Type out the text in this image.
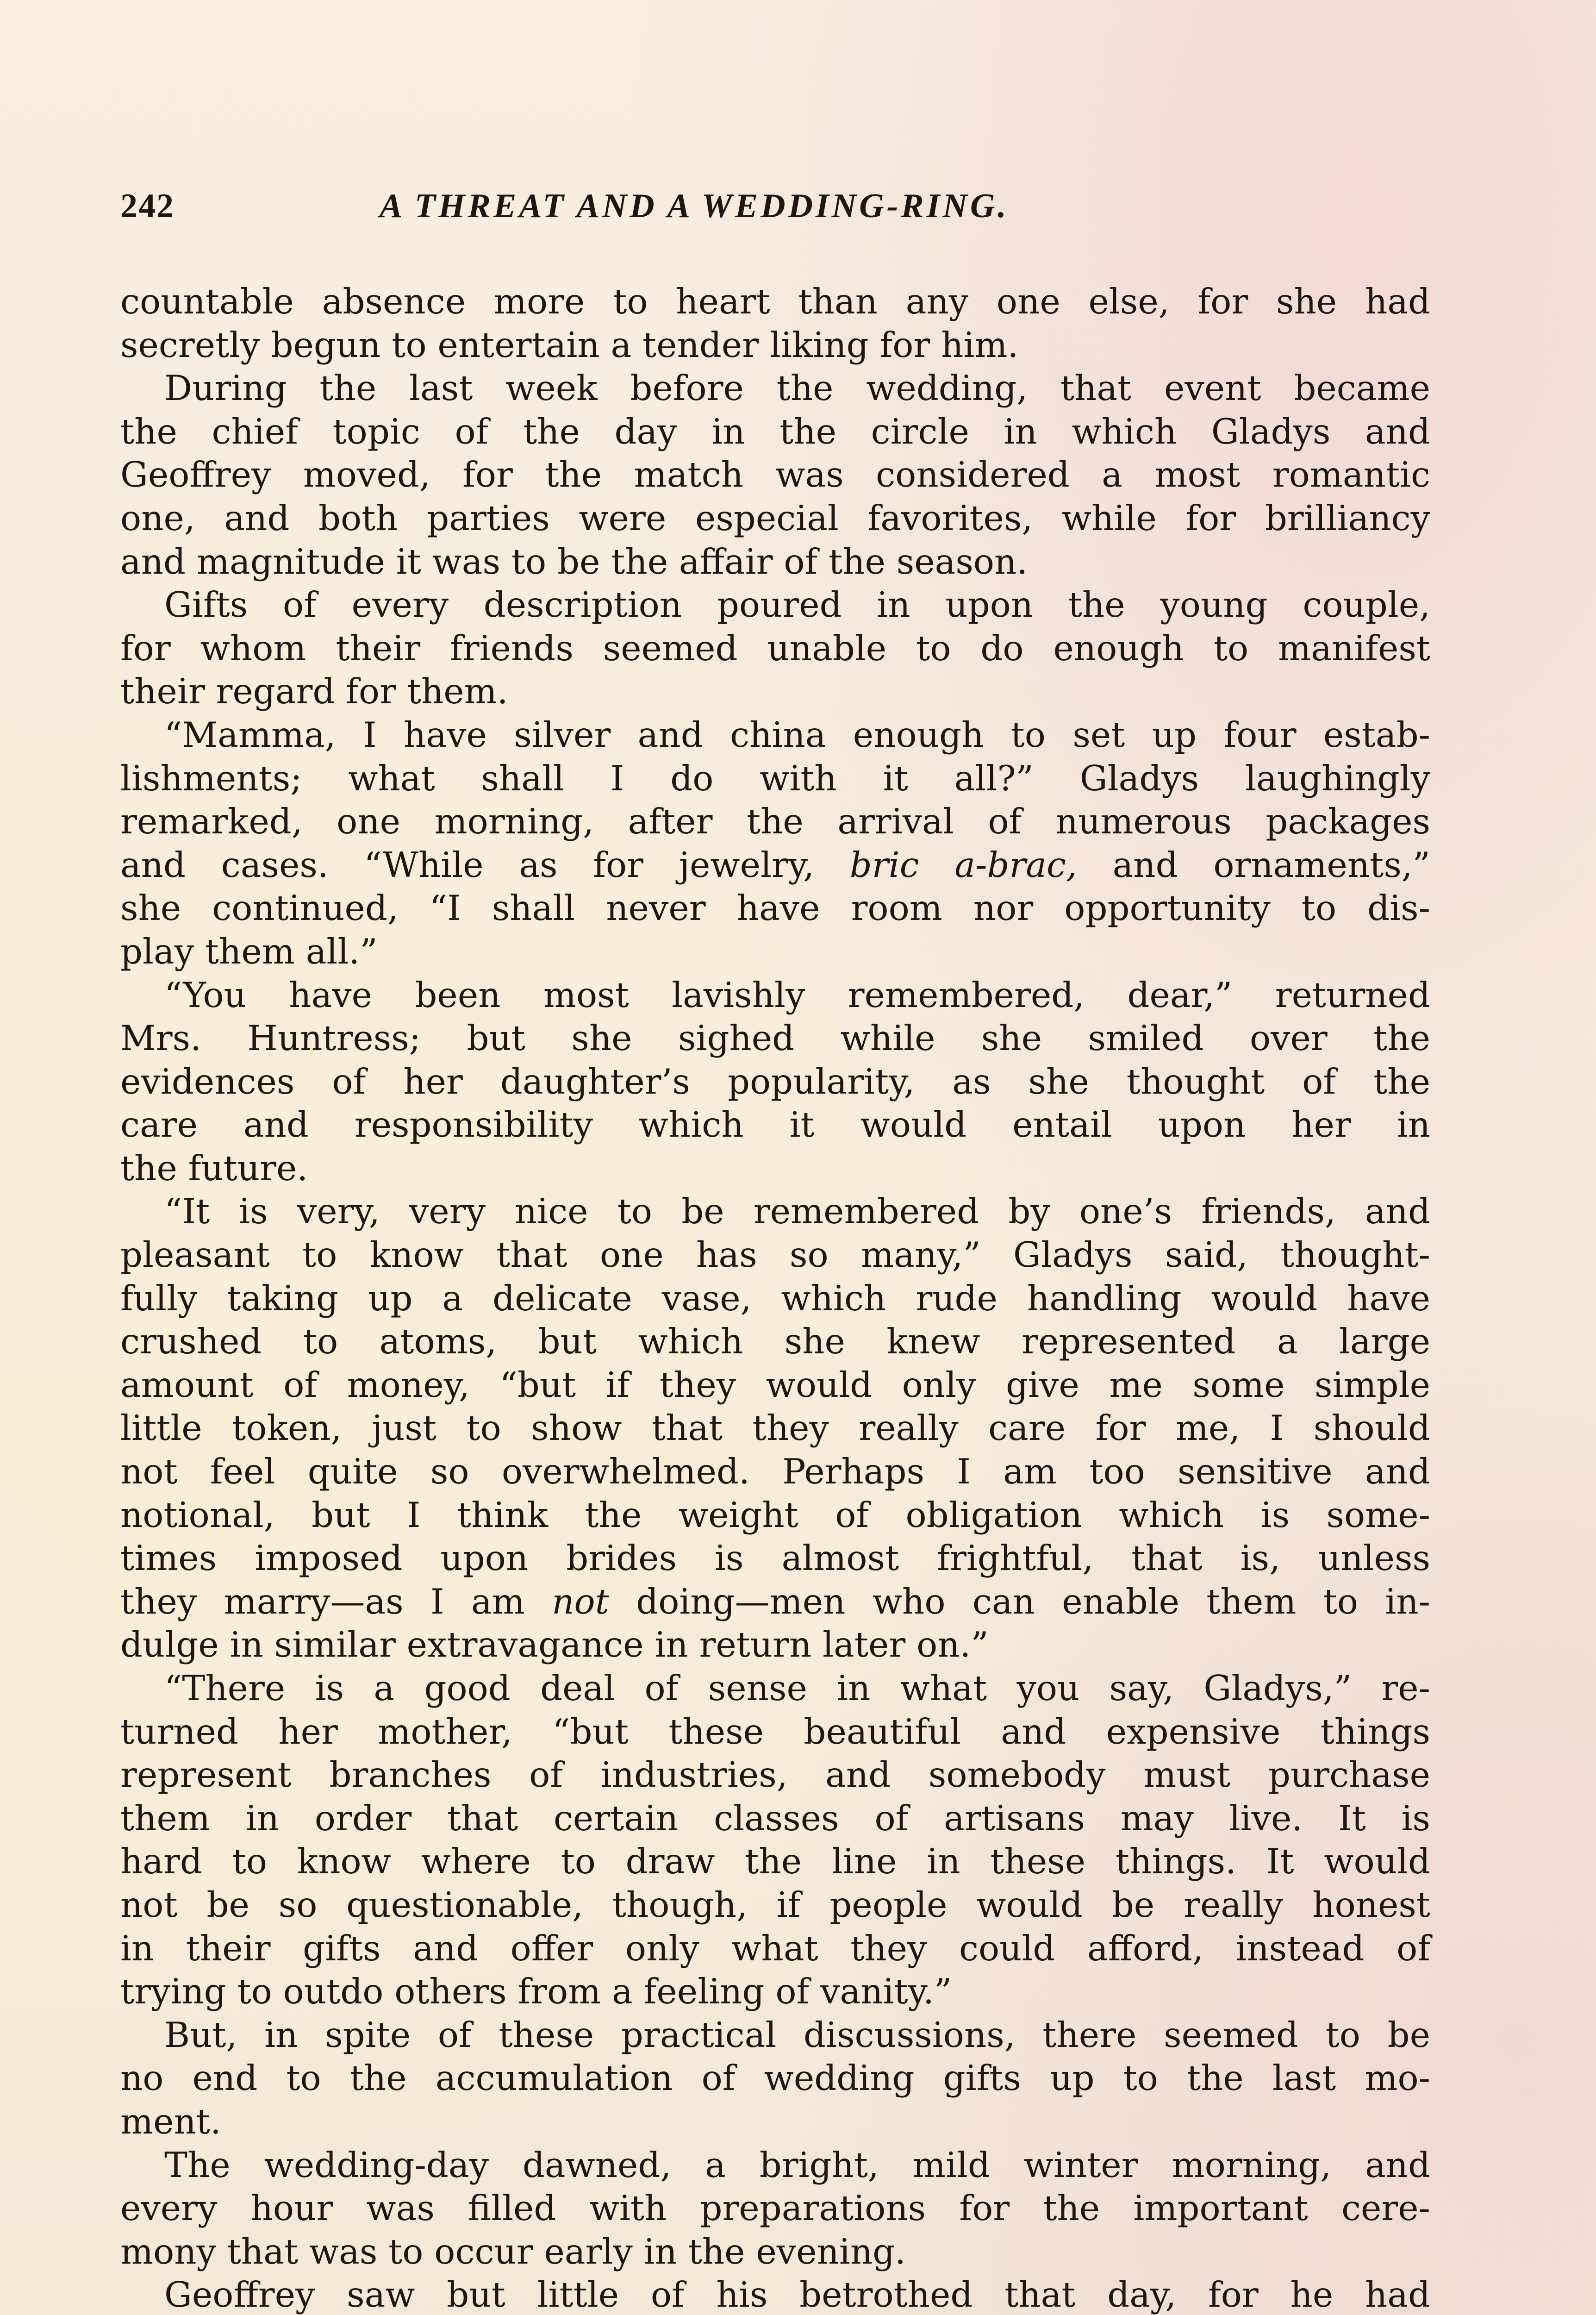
242	A THREAT AND A WEDDING-RING.
countable absence more to heart than any one else, for she had
secretly begun to entertain a tender liking for him.
During the last week before the wedding, that event became
the chief topic of the day in the circle in which Gladys and
Geoffrey moved, for the match was considered a most romantic
one, and both parties were especial favorites, while for brilliancy
and magnitude it was to be the affair of the season.
Gifts of every description poured in upon the young couple,
for whom their friends seemed unable to do enough to manifest
their regard for them.
“Mamma, I have silver and china enough to set up four estab-
lishments; what shall I do with it all?” Gladys laughingly
remarked, one morning, after the arrival of numerous packages
and cases. “While as for jewelry, bric a-brac, and ornaments,”
she continued, “I shall never have room nor opportunity to dis-
play them all.”
“You have been most lavishly remembered, dear,” returned
Mrs. Huntress; but she sighed while she smiled over the
evidences of her daughter’s popularity, as she thought of the
care and responsibility which it would entail upon her in
the future.
“It is very, very nice to be remembered by one’s friends, and
pleasant to know that one has so many,” Gladys said, thought-
fully taking up a delicate vase, which rude handling would have
crushed to atoms, but which she knew represented a large
amount of money, “but if they would only give me some simple
little token, just to show that they really care for me, I should
not feel quite so overwhelmed. Perhaps I am too sensitive and
notional, but I think the weight of obligation which is some-
times imposed upon brides is almost frightful, that is, unless
they marry—as I am not doing—men who can enable them to in-
dulge in similar extravagance in return later on.”
“There is a good deal of sense in what you say, Gladys,” re-
turned her mother, “but these beautiful and expensive things
represent branches of industries, and somebody must purchase
them in order that certain classes of artisans may live. It is
hard to know where to draw the line in these things. It would
not be so questionable, though, if people would be really honest
in their gifts and offer only what they could afford, instead of
trying to outdo others from a feeling of vanity.”
But, in spite of these practical discussions, there seemed to be
no end to the accumulation of wedding gifts up to the last mo-
ment.
The wedding-day dawned, a bright, mild winter morning, and
every hour was filled with preparations for the important cere-
mony that was to occur early in the evening.
Geoffrey saw but little of his betrothed that day, for he had
